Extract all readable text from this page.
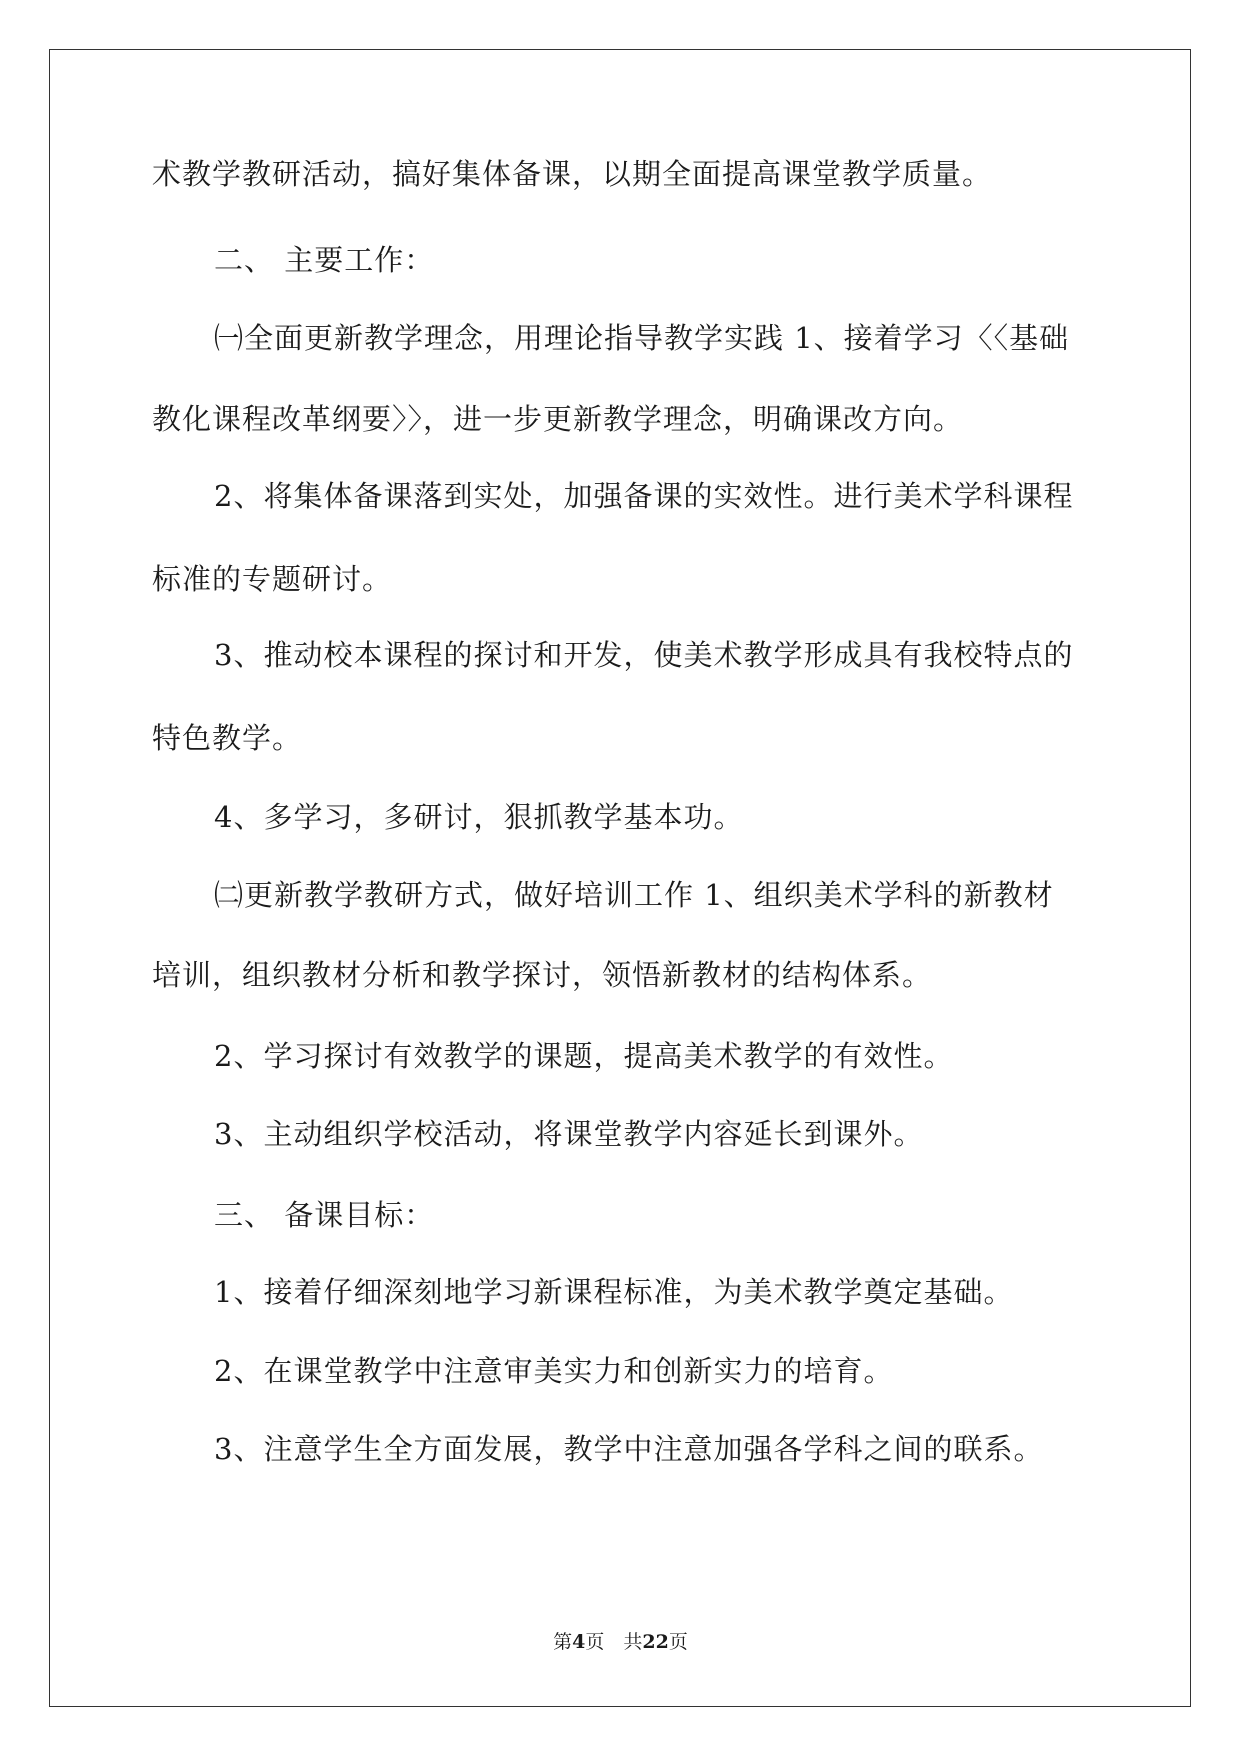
术教学教研活动，搞好集体备课，以期全面提高课堂教学质量。
二、 主要工作：
㈠全面更新教学理念，用理论指导教学实践 1、接着学习〈〈基础
教化课程改革纲要〉〉，进一步更新教学理念，明确课改方向。
2、将集体备课落到实处，加强备课的实效性。进行美术学科课程
标准的专题研讨。
3、推动校本课程的探讨和开发，使美术教学形成具有我校特点的
特色教学。
4、多学习，多研讨，狠抓教学基本功。
㈡更新教学教研方式，做好培训工作 1、组织美术学科的新教材
培训，组织教材分析和教学探讨，领悟新教材的结构体系。
2、学习探讨有效教学的课题，提高美术教学的有效性。
3、主动组织学校活动，将课堂教学内容延长到课外。
三、 备课目标：
1、接着仔细深刻地学习新课程标准，为美术教学奠定基础。
2、在课堂教学中注意审美实力和创新实力的培育。
3、注意学生全方面发展，教学中注意加强各学科之间的联系。
第4页　共22页
